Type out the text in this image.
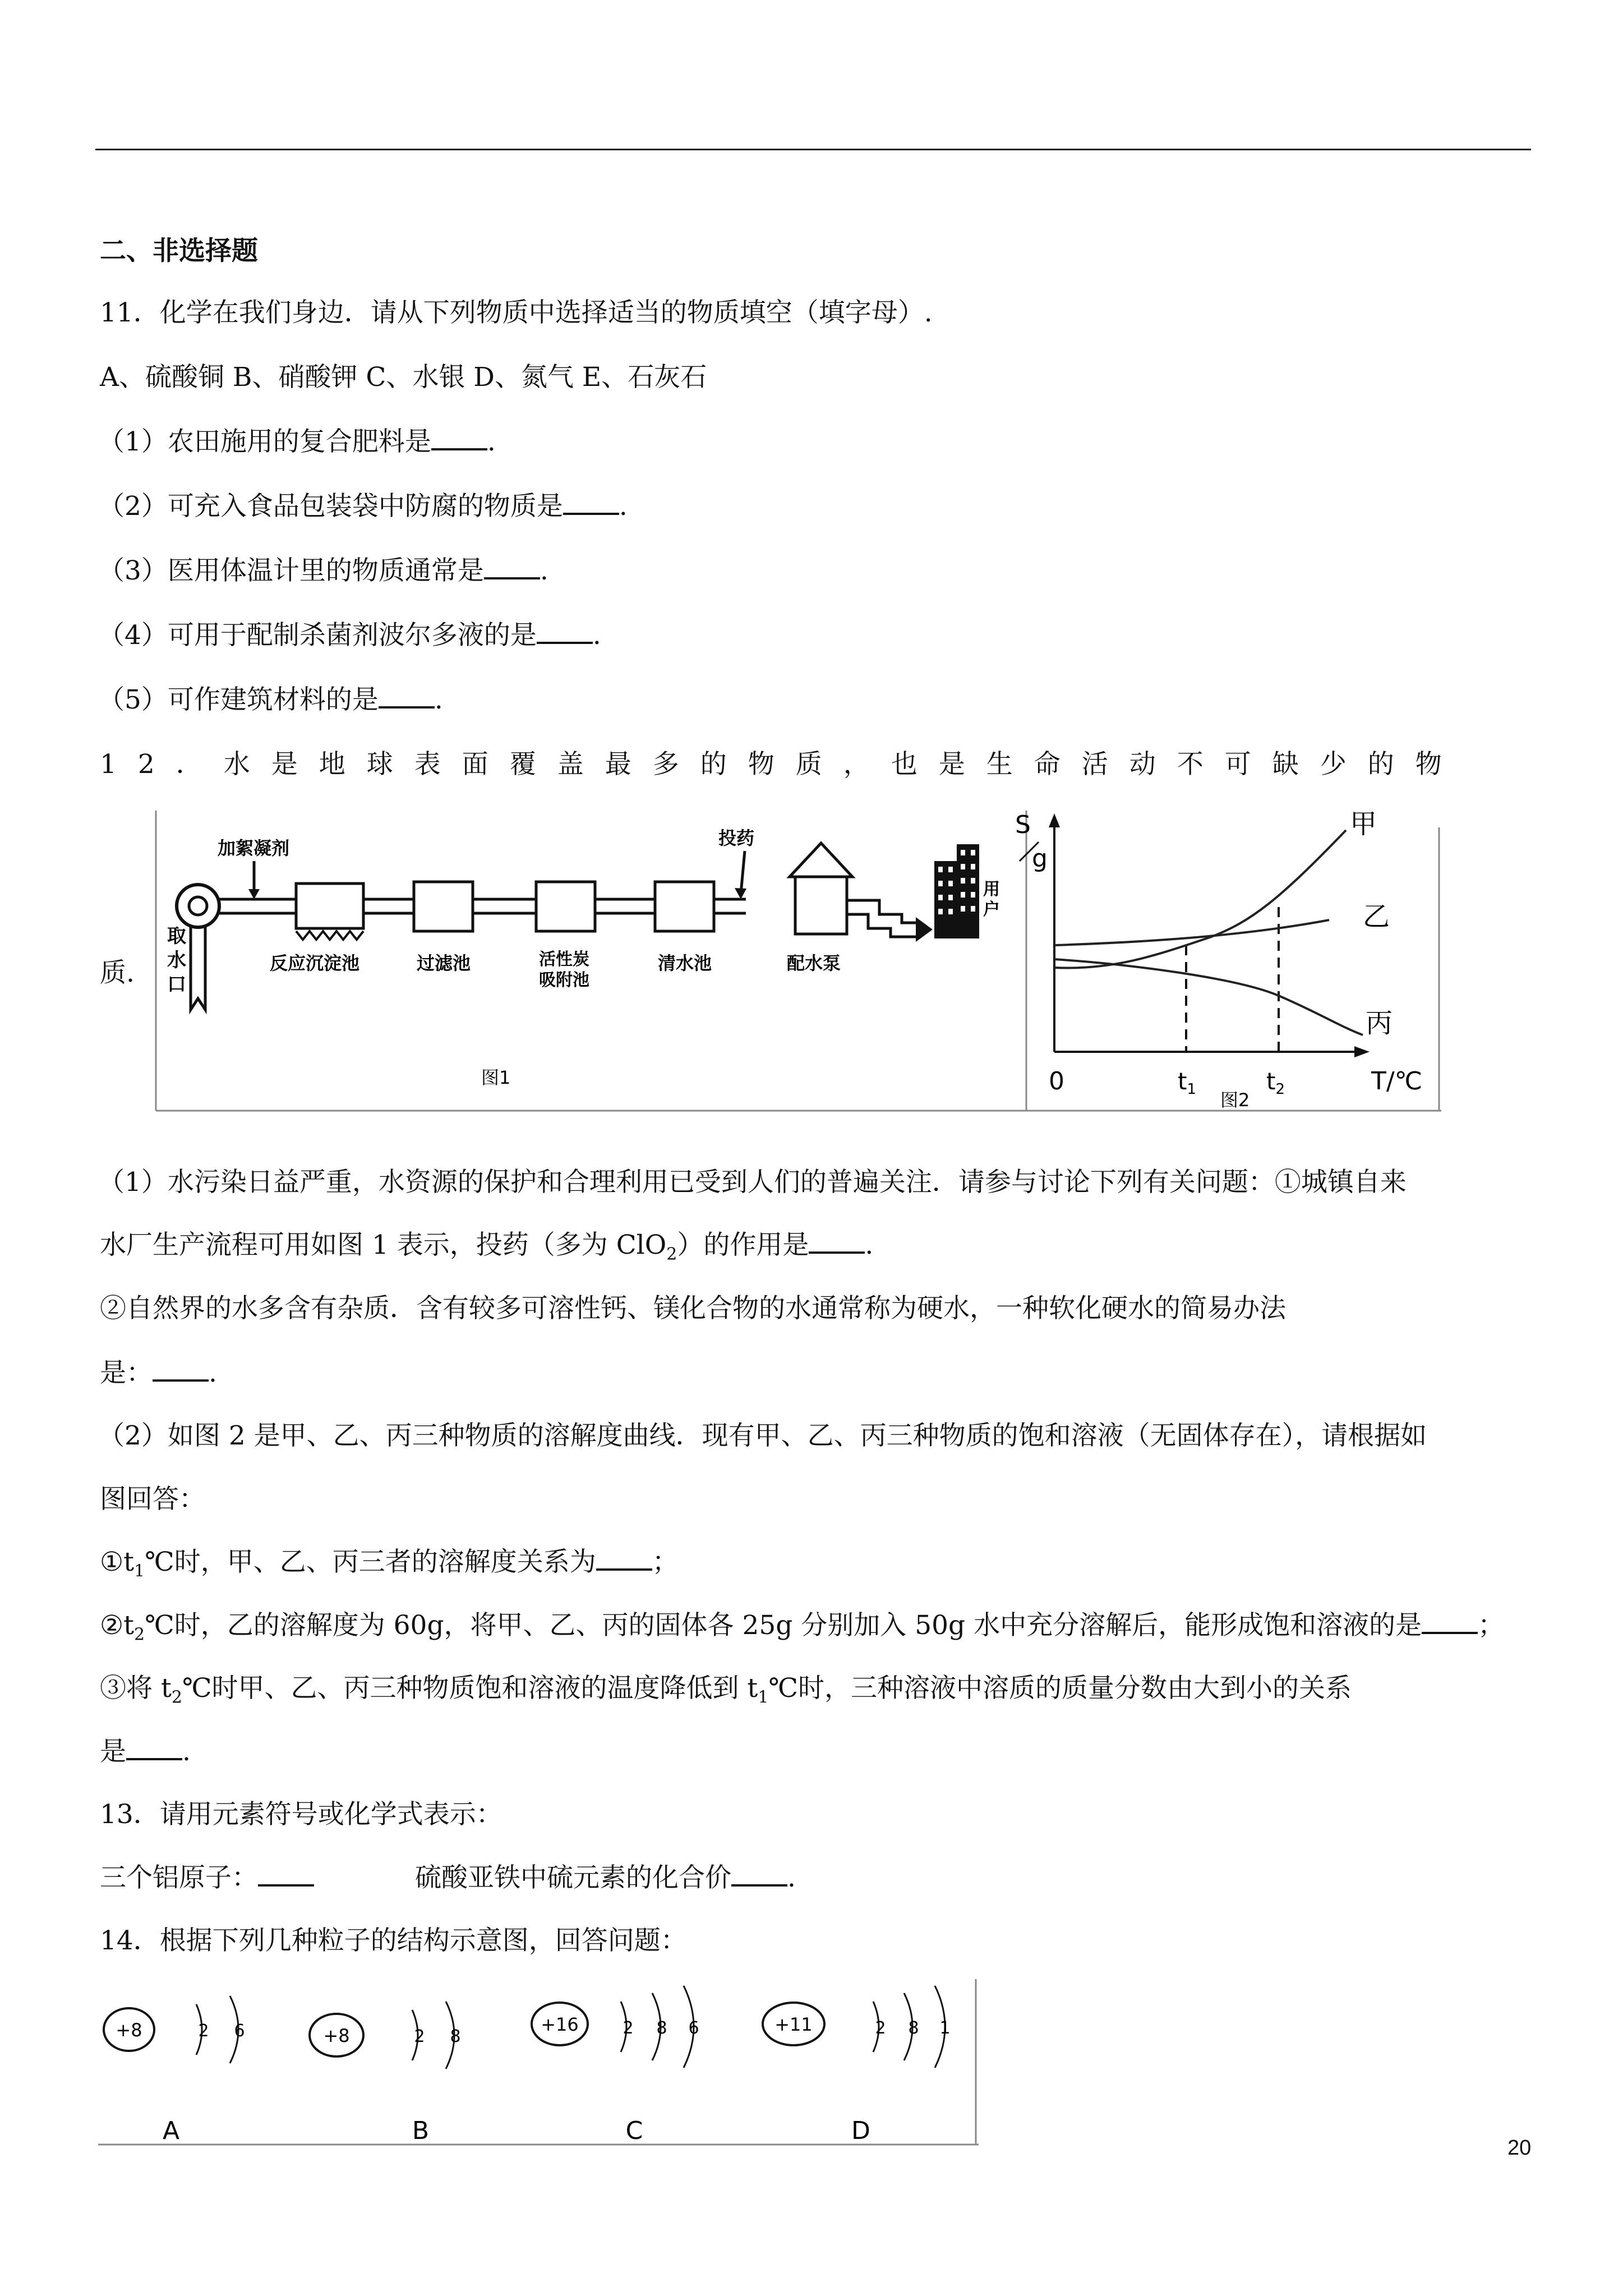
二、非选择题
11．化学在我们身边．请从下列物质中选择适当的物质填空（填字母）.
A、硫酸铜 B、硝酸钾 C、水银 D、氮气 E、石灰石
（1）农田施用的复合肥料是 .
（2）可充入食品包装袋中防腐的物质是 .
（3）医用体温计里的物质通常是 .
（4）可用于配制杀菌剂波尔多液的是 .
（5）可作建筑材料的是 .
12．水是地球表面覆盖最多的物质，也是生命活动不可缺少的物
质.
取
水
口
加絮凝剂
反应沉淀池	过滤池	活性炭
吸附池
清水池
投药
配水泵
用
户
图1
S
g
0	t1	t2	T/℃
甲
乙
丙
图2
（1）水污染日益严重，水资源的保护和合理利用已受到人们的普遍关注．请参与讨论下列有关问题：①城镇自来
水厂生产流程可用如图 1 表示，投药（多为 ClO$_2$）的作用是 .
②自然界的水多含有杂质．含有较多可溶性钙、镁化合物的水通常称为硬水，一种软化硬水的简易办法
是： .
（2）如图 2 是甲、乙、丙三种物质的溶解度曲线．现有甲、乙、丙三种物质的饱和溶液（无固体存在），请根据如
图回答：
$①t_1℃$时，甲、乙、丙三者的溶解度关系为 ；
$②t_2℃$时，乙的溶解度为 60g，将甲、乙、丙的固体各 25g 分别加入 50g 水中充分溶解后，能形成饱和溶液的是 ；
③将 $t_2℃$时甲、乙、丙三种物质饱和溶液的温度降低到 $t_1℃$时，三种溶液中溶质的质量分数由大到小的关系
是 .
13．请用元素符号或化学式表示：
三个铝原子：	硫酸亚铁中硫元素的化合价 .
14．根据下列几种粒子的结构示意图，回答问题：
+8	2 6
A
+8	2 8
B
+16	2 8 6
C
+11	2 8 1
D
20
